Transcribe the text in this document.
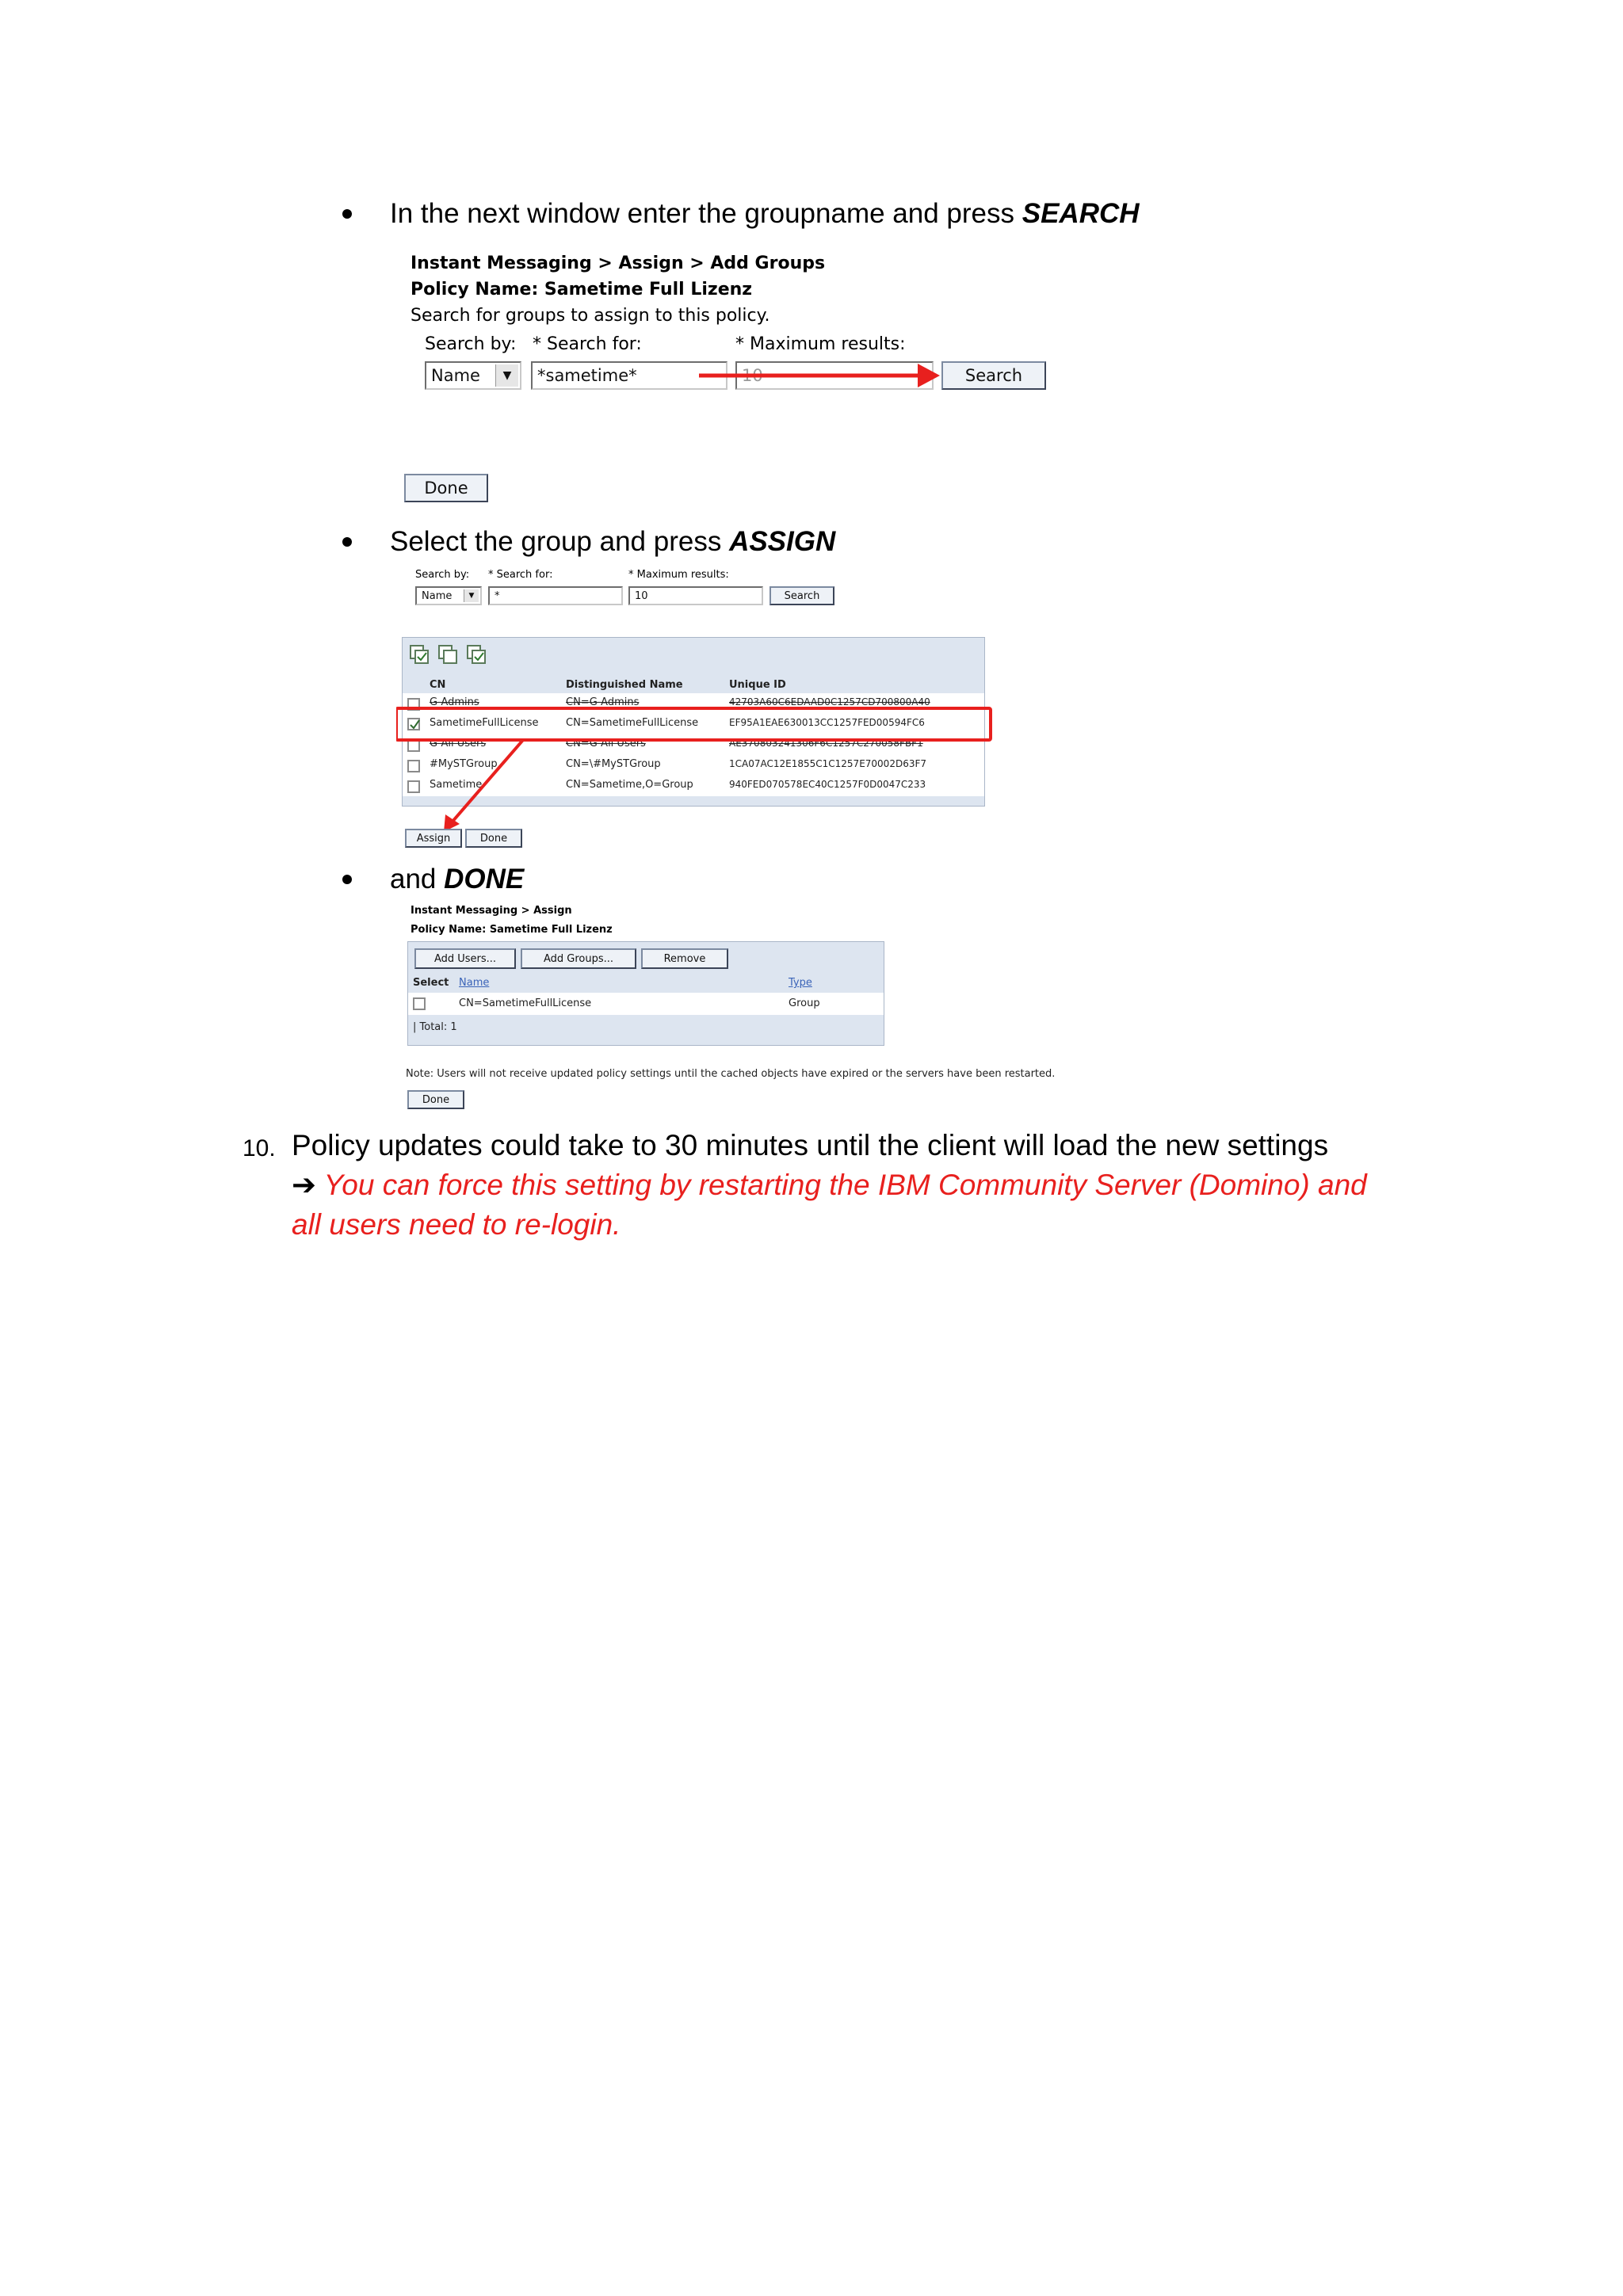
In the next window enter the groupname and press SEARCH
Instant Messaging > Assign > Add Groups
Policy Name: Sametime Full Lizenz
Search for groups to assign to this policy.
Search by: * Search for:	* Maximum results:
Name	▼	*sametime*	10	Search
Done
Select the group and press ASSIGN
Search by: * Search for:	* Maximum results:
Name	▼	*	10	Search
CN	Distinguished Name	Unique ID
G-Admins	CN=G-Admins	42703A60C6EDAAD0C1257CD700800A40
SametimeFullLicense	CN=SametimeFullLicense	EF95A1EAE630013CC1257FED00594FC6
G-All Users	CN=G-All Users	AE370803241306F6C1257C270058FBF1
#MySTGroup	CN=\#MySTGroup	1CA07AC12E1855C1C1257E70002D63F7
Sametime	CN=Sametime,O=Group	940FED070578EC40C1257F0D0047C233
Assign	Done
and DONE
Instant Messaging > Assign
Policy Name: Sametime Full Lizenz
Add Users...	Add Groups...	Remove
Select Name	Type
CN=SametimeFullLicense	Group
| Total: 1
Note: Users will not receive updated policy settings until the cached objects have expired or the servers have been restarted.
Done
10. Policy updates could take to 30 minutes until the client will load the new settings
➔ You can force this setting by restarting the IBM Community Server (Domino) and
all users need to re-login.
